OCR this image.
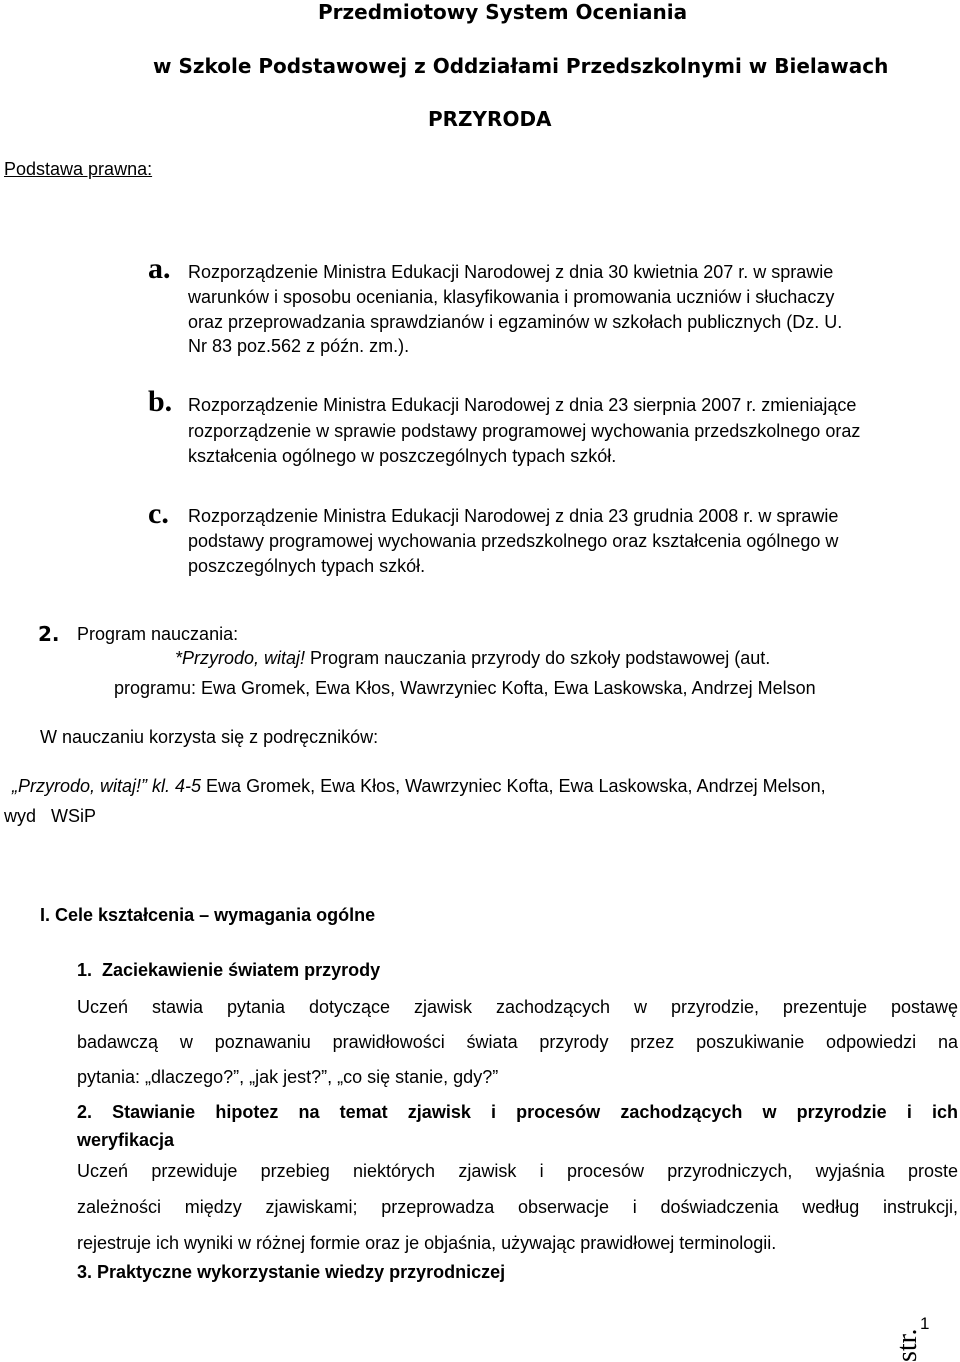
Przedmiotowy System Oceniania
w Szkole Podstawowej z Oddziałami Przedszkolnymi w Bielawach
PRZYRODA
Podstawa prawna:
a. Rozporządzenie Ministra Edukacji Narodowej z dnia 30 kwietnia 207 r. w sprawie
warunków i sposobu oceniania, klasyfikowania i promowania uczniów i słuchaczy
oraz przeprowadzania sprawdzianów i egzaminów w szkołach publicznych (Dz. U.
Nr 83 poz.562 z późn. zm.).
b. Rozporządzenie Ministra Edukacji Narodowej z dnia 23 sierpnia 2007 r. zmieniające
rozporządzenie w sprawie podstawy programowej wychowania przedszkolnego oraz
kształcenia ogólnego w poszczególnych typach szkół.
c. Rozporządzenie Ministra Edukacji Narodowej z dnia 23 grudnia 2008 r. w sprawie
podstawy programowej wychowania przedszkolnego oraz kształcenia ogólnego w
poszczególnych typach szkół.
2. Program nauczania:
*Przyrodo, witaj! Program nauczania przyrody do szkoły podstawowej (aut.
programu: Ewa Gromek, Ewa Kłos, Wawrzyniec Kofta, Ewa Laskowska, Andrzej Melson
W nauczaniu korzysta się z podręczników:
„Przyrodo, witaj!” kl. 4-5 Ewa Gromek, Ewa Kłos, Wawrzyniec Kofta, Ewa Laskowska, Andrzej Melson,
wyd   WSiP
I. Cele kształcenia – wymagania ogólne
1.  Zaciekawienie światem przyrody
Uczeń stawia pytania dotyczące zjawisk zachodzących w przyrodzie, prezentuje postawę
badawczą w poznawaniu prawidłowości świata przyrody przez poszukiwanie odpowiedzi na
pytania: „dlaczego?”, „jak jest?”, „co się stanie, gdy?”
2. Stawianie hipotez na temat zjawisk i procesów zachodzących w przyrodzie i ich
weryfikacja
Uczeń przewiduje przebieg niektórych zjawisk i procesów przyrodniczych, wyjaśnia proste
zależności między zjawiskami; przeprowadza obserwacje i doświadczenia według instrukcji,
rejestruje ich wyniki w różnej formie oraz je objaśnia, używając prawidłowej terminologii.
3. Praktyczne wykorzystanie wiedzy przyrodniczej
str.
1
